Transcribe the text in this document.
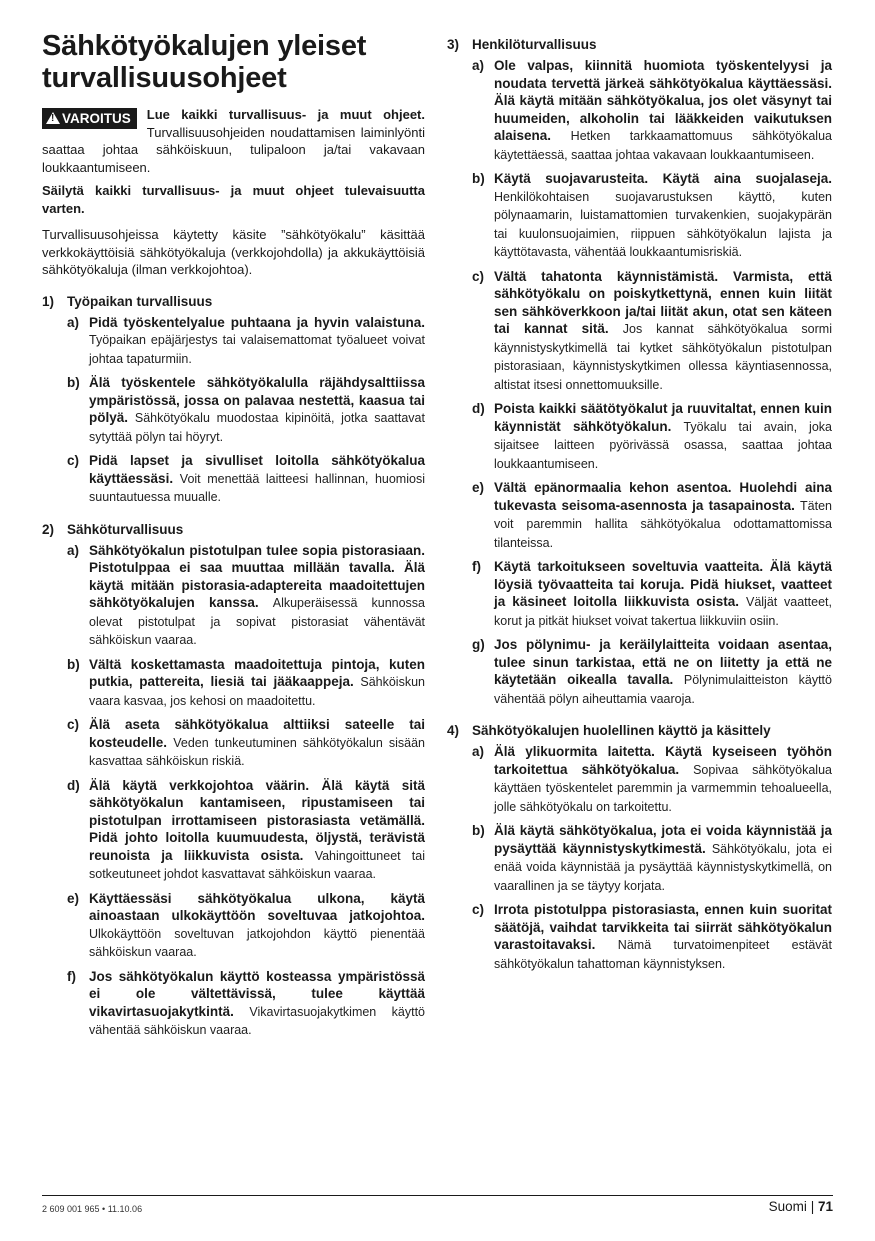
Sähkötyökalujen yleiset turvallisuusohjeet
!VAROITUS	Lue kaikki turvallisuus- ja muut ohjeet. Turvallisuusohjeiden noudattamisen laiminlyönti saattaa johtaa sähköiskuun, tulipaloon ja/tai vakavaan loukkaantumiseen.

Säilytä kaikki turvallisuus- ja muut ohjeet tulevaisuutta varten.

Turvallisuusohjeissa käytetty käsite ”sähkötyökalu” käsittää verkkokäyttöisiä sähkötyökaluja (verkkojohdolla) ja akkukäyttöisiä sähkötyökaluja (ilman verkkojohtoa).

1) Työpaikan turvallisuus
a) Pidä työskentelyalue puhtaana ja hyvin valaistuna. Työpaikan epäjärjestys tai valaisemattomat työalueet voivat johtaa tapaturmiin.
b) Älä työskentele sähkötyökalulla räjähdysalttiissa ympäristössä, jossa on palavaa nestettä, kaasua tai pölyä. Sähkötyökalu muodostaa kipinöitä, jotka saattavat sytyttää pölyn tai höyryt.
c) Pidä lapset ja sivulliset loitolla sähkötyökalua käyttäessäsi. Voit menettää laitteesi hallinnan, huomiosi suuntautuessa muualle.
2) Sähköturvallisuus
a) Sähkötyökalun pistotulpan tulee sopia pistorasiaan. Pistotulppaa ei saa muuttaa millään tavalla. Älä käytä mitään pistorasia-adaptereita maadoitettujen sähkötyökalujen kanssa. Alkuperäisessä kunnossa olevat pistotulpat ja sopivat pistorasiat vähentävät sähköiskun vaaraa.
b) Vältä koskettamasta maadoitettuja pintoja, kuten putkia, pattereita, liesiä tai jääkaappeja. Sähköiskun vaara kasvaa, jos kehosi on maadoitettu.
c) Älä aseta sähkötyökalua alttiiksi sateelle tai kosteudelle. Veden tunkeutuminen sähkötyökalun sisään kasvattaa sähköiskun riskiä.
d) Älä käytä verkkojohtoa väärin. Älä käytä sitä sähkötyökalun kantamiseen, ripustamiseen tai pistotulpan irrottamiseen pistorasiasta vetämällä. Pidä johto loitolla kuumuudesta, öljystä, terävistä reunoista ja liikkuvista osista. Vahingoittuneet tai sotkeutuneet johdot kasvattavat sähköiskun vaaraa.
e) Käyttäessäsi sähkötyökalua ulkona, käytä ainoastaan ulkokäyttöön soveltuvaa jatkojohtoa. Ulkokäyttöön soveltuvan jatkojohdon käyttö pienentää sähköiskun vaaraa.
f) Jos sähkötyökalun käyttö kosteassa ympäristössä ei ole vältettävissä, tulee käyttää vikavirtasuojakytkintä. Vikavirtasuojakytkimen käyttö vähentää sähköiskun vaaraa.
3) Henkilöturvallisuus
a) Ole valpas, kiinnitä huomiota työskentelyysi ja noudata tervettä järkeä sähkötyökalua käyttäessäsi. Älä käytä mitään sähkötyökalua, jos olet väsynyt tai huumeiden, alkoholin tai lääkkeiden vaikutuksen alaisena. Hetken tarkkaamattomuus sähkötyökalua käytettäessä, saattaa johtaa vakavaan loukkaantumiseen.
b) Käytä suojavarusteita. Käytä aina suojalaseja. Henkilökohtaisen suojavarustuksen käyttö, kuten pölynaamarin, luistamattomien turvakenkien, suojakypärän tai kuulonsuojaimien, riippuen sähkötyökalun lajista ja käyttötavasta, vähentää loukkaantumisriskiä.
c) Vältä tahatonta käynnistämistä. Varmista, että sähkötyökalu on poiskytkettynä, ennen kuin liität sen sähköverkkoon ja/tai liität akun, otat sen käteen tai kannat sitä. Jos kannat sähkötyökalua sormi käynnistyskytkimellä tai kytket sähkötyökalun pistotulpan pistorasiaan, käynnistyskytkimen ollessa käyntiasennossa, altistat itsesi onnettomuuksille.
d) Poista kaikki säätötyökalut ja ruuvitaltat, ennen kuin käynnistät sähkötyökalun. Työkalu tai avain, joka sijaitsee laitteen pyörivässä osassa, saattaa johtaa loukkaantumiseen.
e) Vältä epänormaalia kehon asentoa. Huolehdi aina tukevasta seisoma-asennosta ja tasapainosta. Täten voit paremmin hallita sähkötyökalua odottamattomissa tilanteissa.
f) Käytä tarkoitukseen soveltuvia vaatteita. Älä käytä löysiä työvaatteita tai koruja. Pidä hiukset, vaatteet ja käsineet loitolla liikkuvista osista. Väljät vaatteet, korut ja pitkät hiukset voivat takertua liikkuviin osiin.
g) Jos pölynimu- ja keräilylaitteita voidaan asentaa, tulee sinun tarkistaa, että ne on liitetty ja että ne käytetään oikealla tavalla. Pölynimulaitteiston käyttö vähentää pölyn aiheuttamia vaaroja.
4) Sähkötyökalujen huolellinen käyttö ja käsittely
a) Älä ylikuormita laitetta. Käytä kyseiseen työhön tarkoitettua sähkötyökalua. Sopivaa sähkötyökalua käyttäen työskentelet paremmin ja varmemmin tehoalueella, jolle sähkötyökalu on tarkoitettu.
b) Älä käytä sähkötyökalua, jota ei voida käynnistää ja pysäyttää käynnistyskytkimestä. Sähkötyökalu, jota ei enää voida käynnistää ja pysäyttää käynnistyskytkimellä, on vaarallinen ja se täytyy korjata.
c) Irrota pistotulppa pistorasiasta, ennen kuin suoritat säätöjä, vaihdat tarvikkeita tai siirrät sähkötyökalun varastoitavaksi. Nämä turvatoimenpiteet estävät sähkötyökalun tahattoman käynnistyksen.
2 609 001 965 • 11.10.06	Suomi | 71
